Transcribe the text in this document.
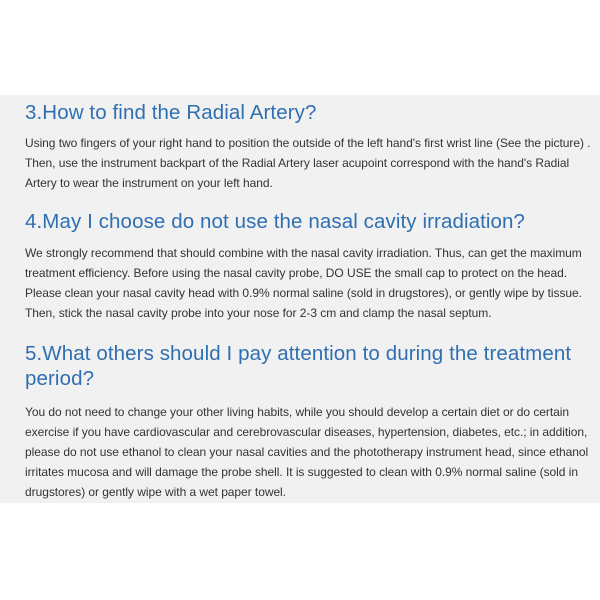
3.How to find the Radial Artery?

Using two fingers of your right hand to position the outside of the left hand's first wrist line (See the picture) . Then, use the instrument backpart of the Radial Artery laser acupoint correspond with the hand's Radial Artery to wear the instrument on your left hand.

4.May I choose do not use the nasal cavity irradiation?

We strongly recommend that should combine with the nasal cavity irradiation. Thus, can get the maximum treatment efficiency. Before using the nasal cavity probe, DO USE the small cap to protect on the head. Please clean your nasal cavity head with 0.9% normal saline (sold in drugstores), or gently wipe by tissue. Then, stick the nasal cavity probe into your nose for 2-3 cm and clamp the nasal septum.

5.What others should I pay attention to during the treatment period?

You do not need to change your other living habits, while you should develop a certain diet or do certain exercise if you have cardiovascular and cerebrovascular diseases, hypertension, diabetes, etc.; in addition, please do not use ethanol to clean your nasal cavities and the phototherapy instrument head, since ethanol irritates mucosa and will damage the probe shell. It is suggested to clean with 0.9% normal saline (sold in drugstores) or gently wipe with a wet paper towel.
